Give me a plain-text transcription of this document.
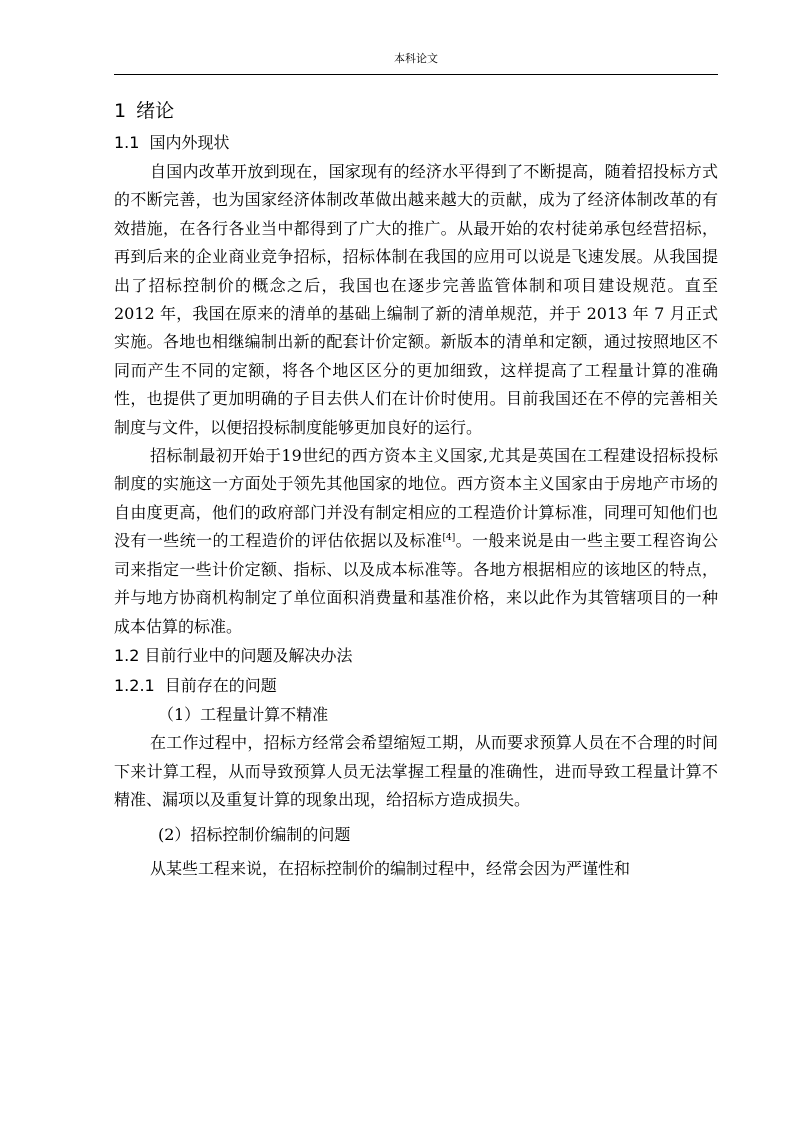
本科论文
1 绪论
1.1 国内外现状

自国内改革开放到现在，国家现有的经济水平得到了不断提高，随着招投标方式的不断完善，也为国家经济体制改革做出越来越大的贡献，成为了经济体制改革的有效措施，在各行各业当中都得到了广大的推广。从最开始的农村徒弟承包经营招标，再到后来的企业商业竞争招标，招标体制在我国的应用可以说是飞速发展。从我国提出了招标控制价的概念之后，我国也在逐步完善监管体制和项目建设规范。直至 2012 年，我国在原来的清单的基础上编制了新的清单规范，并于 2013 年 7 月正式实施。各地也相继编制出新的配套计价定额。新版本的清单和定额，通过按照地区不同而产生不同的定额，将各个地区区分的更加细致，这样提高了工程量计算的准确性，也提供了更加明确的子目去供人们在计价时使用。目前我国还在不停的完善相关制度与文件，以便招投标制度能够更加良好的运行。

招标制最初开始于19世纪的西方资本主义国家,尤其是英国在工程建设招标投标制度的实施这一方面处于领先其他国家的地位。西方资本主义国家由于房地产市场的自由度更高，他们的政府部门并没有制定相应的工程造价计算标准，同理可知他们也没有一些统一的工程造价的评估依据以及标准[4]。一般来说是由一些主要工程咨询公司来指定一些计价定额、指标、以及成本标准等。各地方根据相应的该地区的特点，并与地方协商机构制定了单位面积消费量和基准价格，来以此作为其管辖项目的一种成本估算的标准。

1.2 目前行业中的问题及解决办法
1.2.1 目前存在的问题

（1）工程量计算不精准

在工作过程中，招标方经常会希望缩短工期，从而要求预算人员在不合理的时间下来计算工程，从而导致预算人员无法掌握工程量的准确性，进而导致工程量计算不精准、漏项以及重复计算的现象出现，给招标方造成损失。

(2）招标控制价编制的问题

从某些工程来说，在招标控制价的编制过程中，经常会因为严谨性和
